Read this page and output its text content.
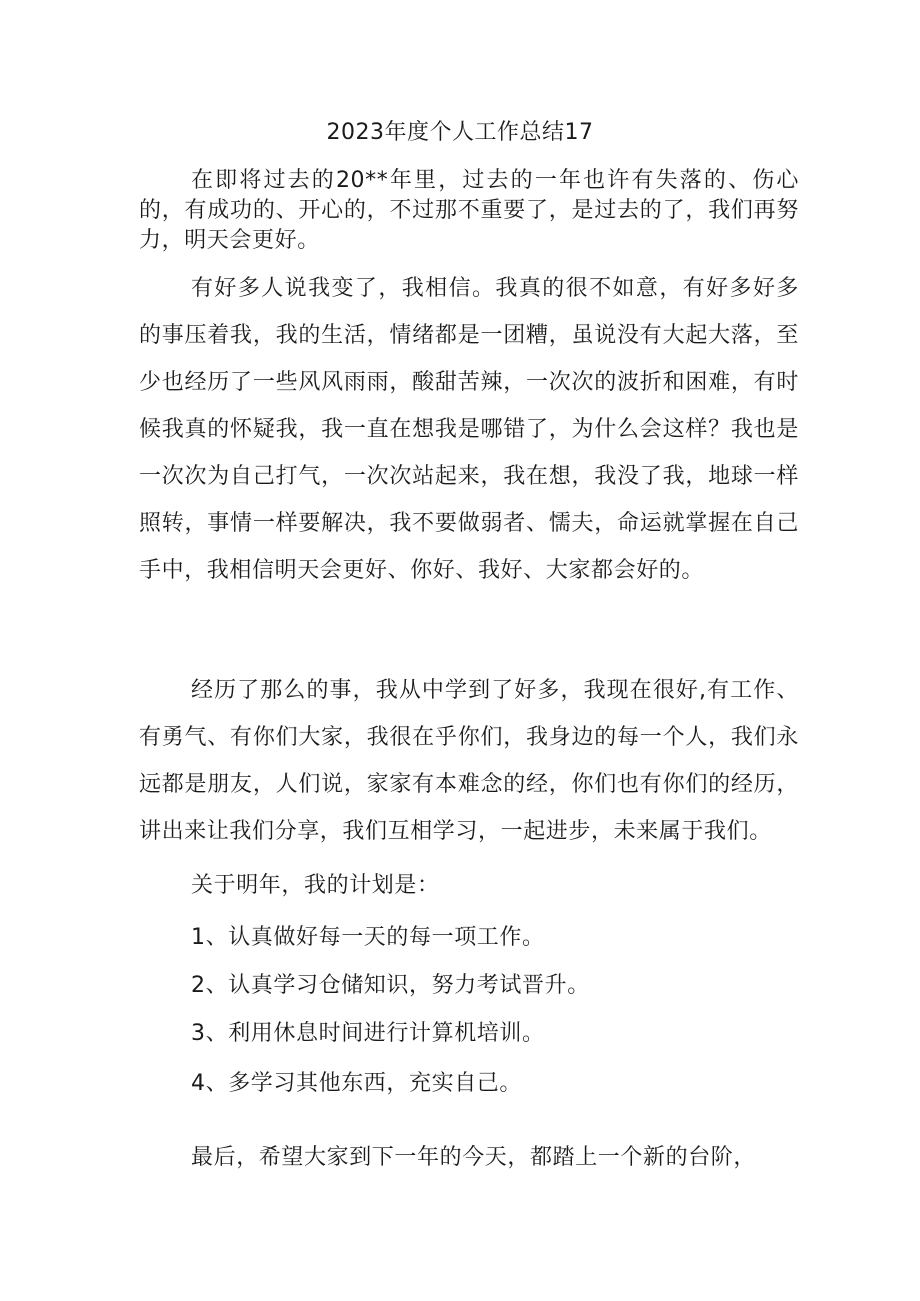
2023年度个人工作总结17
在即将过去的20**年里，过去的一年也许有失落的、伤心的，有成功的、开心的，不过那不重要了，是过去的了，我们再努力，明天会更好。
有好多人说我变了，我相信。我真的很不如意，有好多好多的事压着我，我的生活，情绪都是一团糟，虽说没有大起大落，至少也经历了一些风风雨雨，酸甜苦辣，一次次的波折和困难，有时候我真的怀疑我，我一直在想我是哪错了，为什么会这样？我也是一次次为自己打气，一次次站起来，我在想，我没了我，地球一样照转，事情一样要解决，我不要做弱者、懦夫，命运就掌握在自己手中，我相信明天会更好、你好、我好、大家都会好的。
经历了那么的事，我从中学到了好多，我现在很好,有工作、有勇气、有你们大家，我很在乎你们，我身边的每一个人，我们永远都是朋友，人们说，家家有本难念的经，你们也有你们的经历，讲出来让我们分享，我们互相学习，一起进步，未来属于我们。
关于明年，我的计划是：
1、认真做好每一天的每一项工作。
2、认真学习仓储知识，努力考试晋升。
3、利用休息时间进行计算机培训。
4、多学习其他东西，充实自己。
最后，希望大家到下一年的今天，都踏上一个新的台阶，
